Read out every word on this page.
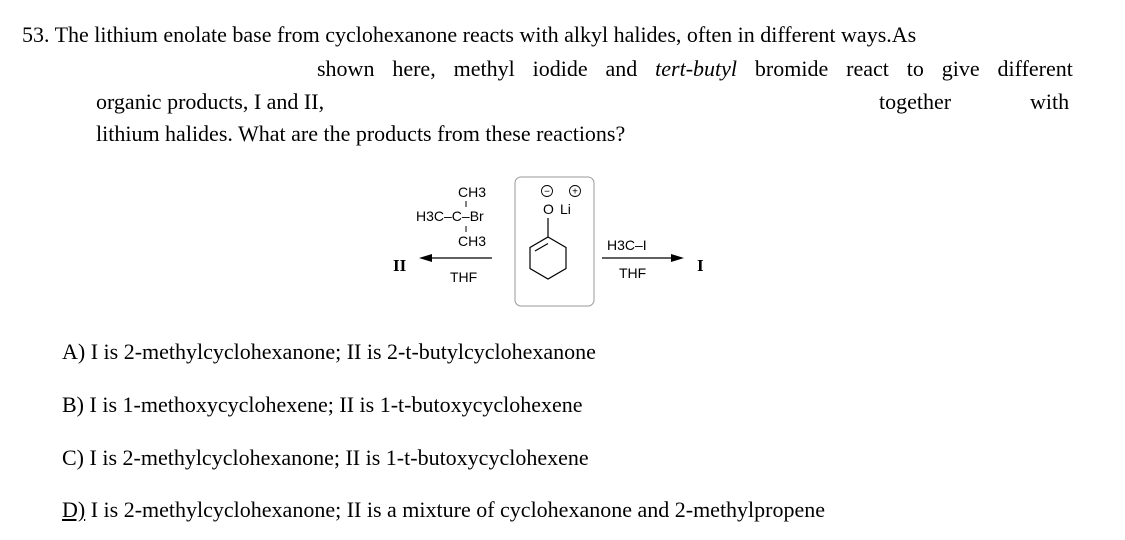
53. The lithium enolate base from cyclohexanone reacts with alkyl halides, often in different ways.As
shown here, methyl iodide and tert-butyl bromide react to give different
organic products, I and II,	together	with
lithium halides. What are the products from these reactions?
CH3
H3C–C–Br
CH3
THF
II
− +
O Li
H3C–I
THF	I
A) I is 2-methylcyclohexanone; II is 2-t-butylcyclohexanone
B) I is 1-methoxycyclohexene; II is 1-t-butoxycyclohexene
C) I is 2-methylcyclohexanone; II is 1-t-butoxycyclohexene
D) I is 2-methylcyclohexanone; II is a mixture of cyclohexanone and 2-methylpropene
